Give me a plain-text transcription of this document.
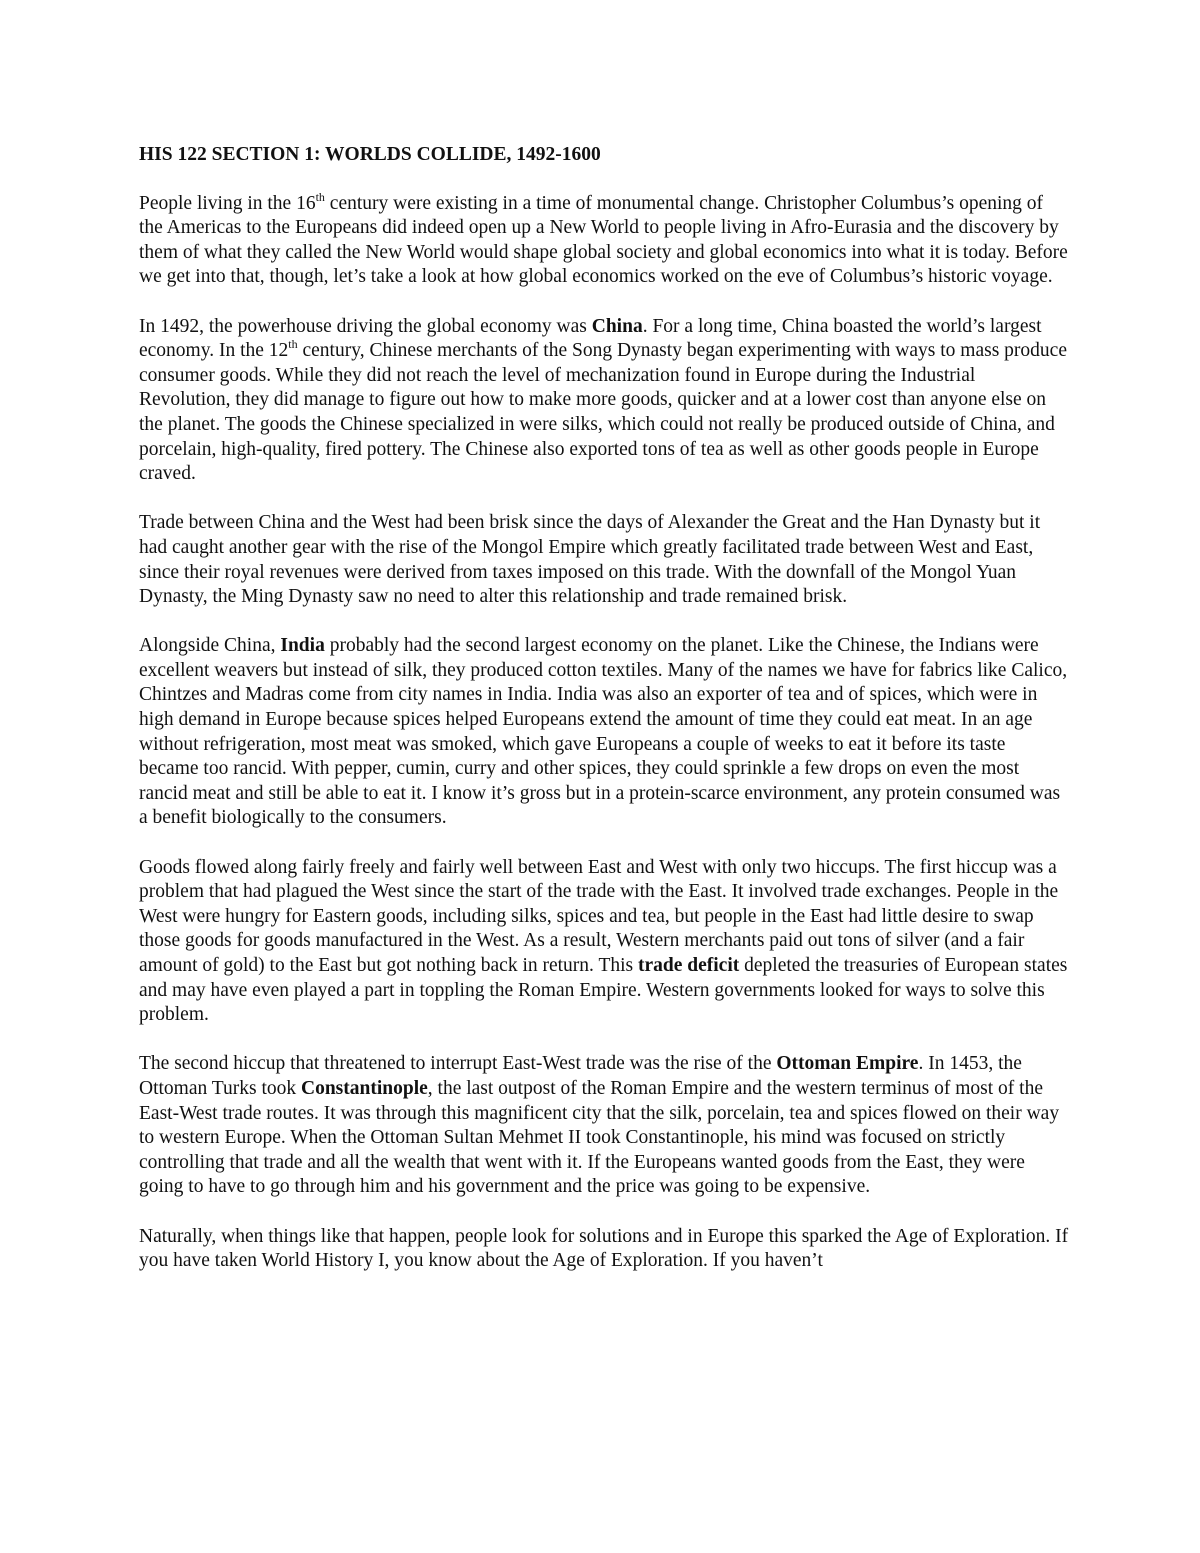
HIS 122 SECTION 1: WORLDS COLLIDE, 1492-1600

People living in the 16th century were existing in a time of monumental change. Christopher Columbus’s opening of the Americas to the Europeans did indeed open up a New World to people living in Afro-Eurasia and the discovery by them of what they called the New World would shape global society and global economics into what it is today. Before we get into that, though, let’s take a look at how global economics worked on the eve of Columbus’s historic voyage.

In 1492, the powerhouse driving the global economy was China. For a long time, China boasted the world’s largest economy. In the 12th century, Chinese merchants of the Song Dynasty began experimenting with ways to mass produce consumer goods. While they did not reach the level of mechanization found in Europe during the Industrial Revolution, they did manage to figure out how to make more goods, quicker and at a lower cost than anyone else on the planet. The goods the Chinese specialized in were silks, which could not really be produced outside of China, and porcelain, high-quality, fired pottery. The Chinese also exported tons of tea as well as other goods people in Europe craved.

Trade between China and the West had been brisk since the days of Alexander the Great and the Han Dynasty but it had caught another gear with the rise of the Mongol Empire which greatly facilitated trade between West and East, since their royal revenues were derived from taxes imposed on this trade. With the downfall of the Mongol Yuan Dynasty, the Ming Dynasty saw no need to alter this relationship and trade remained brisk.

Alongside China, India probably had the second largest economy on the planet. Like the Chinese, the Indians were excellent weavers but instead of silk, they produced cotton textiles. Many of the names we have for fabrics like Calico, Chintzes and Madras come from city names in India. India was also an exporter of tea and of spices, which were in high demand in Europe because spices helped Europeans extend the amount of time they could eat meat. In an age without refrigeration, most meat was smoked, which gave Europeans a couple of weeks to eat it before its taste became too rancid. With pepper, cumin, curry and other spices, they could sprinkle a few drops on even the most rancid meat and still be able to eat it. I know it’s gross but in a protein-scarce environment, any protein consumed was a benefit biologically to the consumers.

Goods flowed along fairly freely and fairly well between East and West with only two hiccups. The first hiccup was a problem that had plagued the West since the start of the trade with the East. It involved trade exchanges. People in the West were hungry for Eastern goods, including silks, spices and tea, but people in the East had little desire to swap those goods for goods manufactured in the West. As a result, Western merchants paid out tons of silver (and a fair amount of gold) to the East but got nothing back in return. This trade deficit depleted the treasuries of European states and may have even played a part in toppling the Roman Empire. Western governments looked for ways to solve this problem.

The second hiccup that threatened to interrupt East-West trade was the rise of the Ottoman Empire. In 1453, the Ottoman Turks took Constantinople, the last outpost of the Roman Empire and the western terminus of most of the East-West trade routes. It was through this magnificent city that the silk, porcelain, tea and spices flowed on their way to western Europe. When the Ottoman Sultan Mehmet II took Constantinople, his mind was focused on strictly controlling that trade and all the wealth that went with it. If the Europeans wanted goods from the East, they were going to have to go through him and his government and the price was going to be expensive.

Naturally, when things like that happen, people look for solutions and in Europe this sparked the Age of Exploration. If you have taken World History I, you know about the Age of Exploration. If you haven’t
